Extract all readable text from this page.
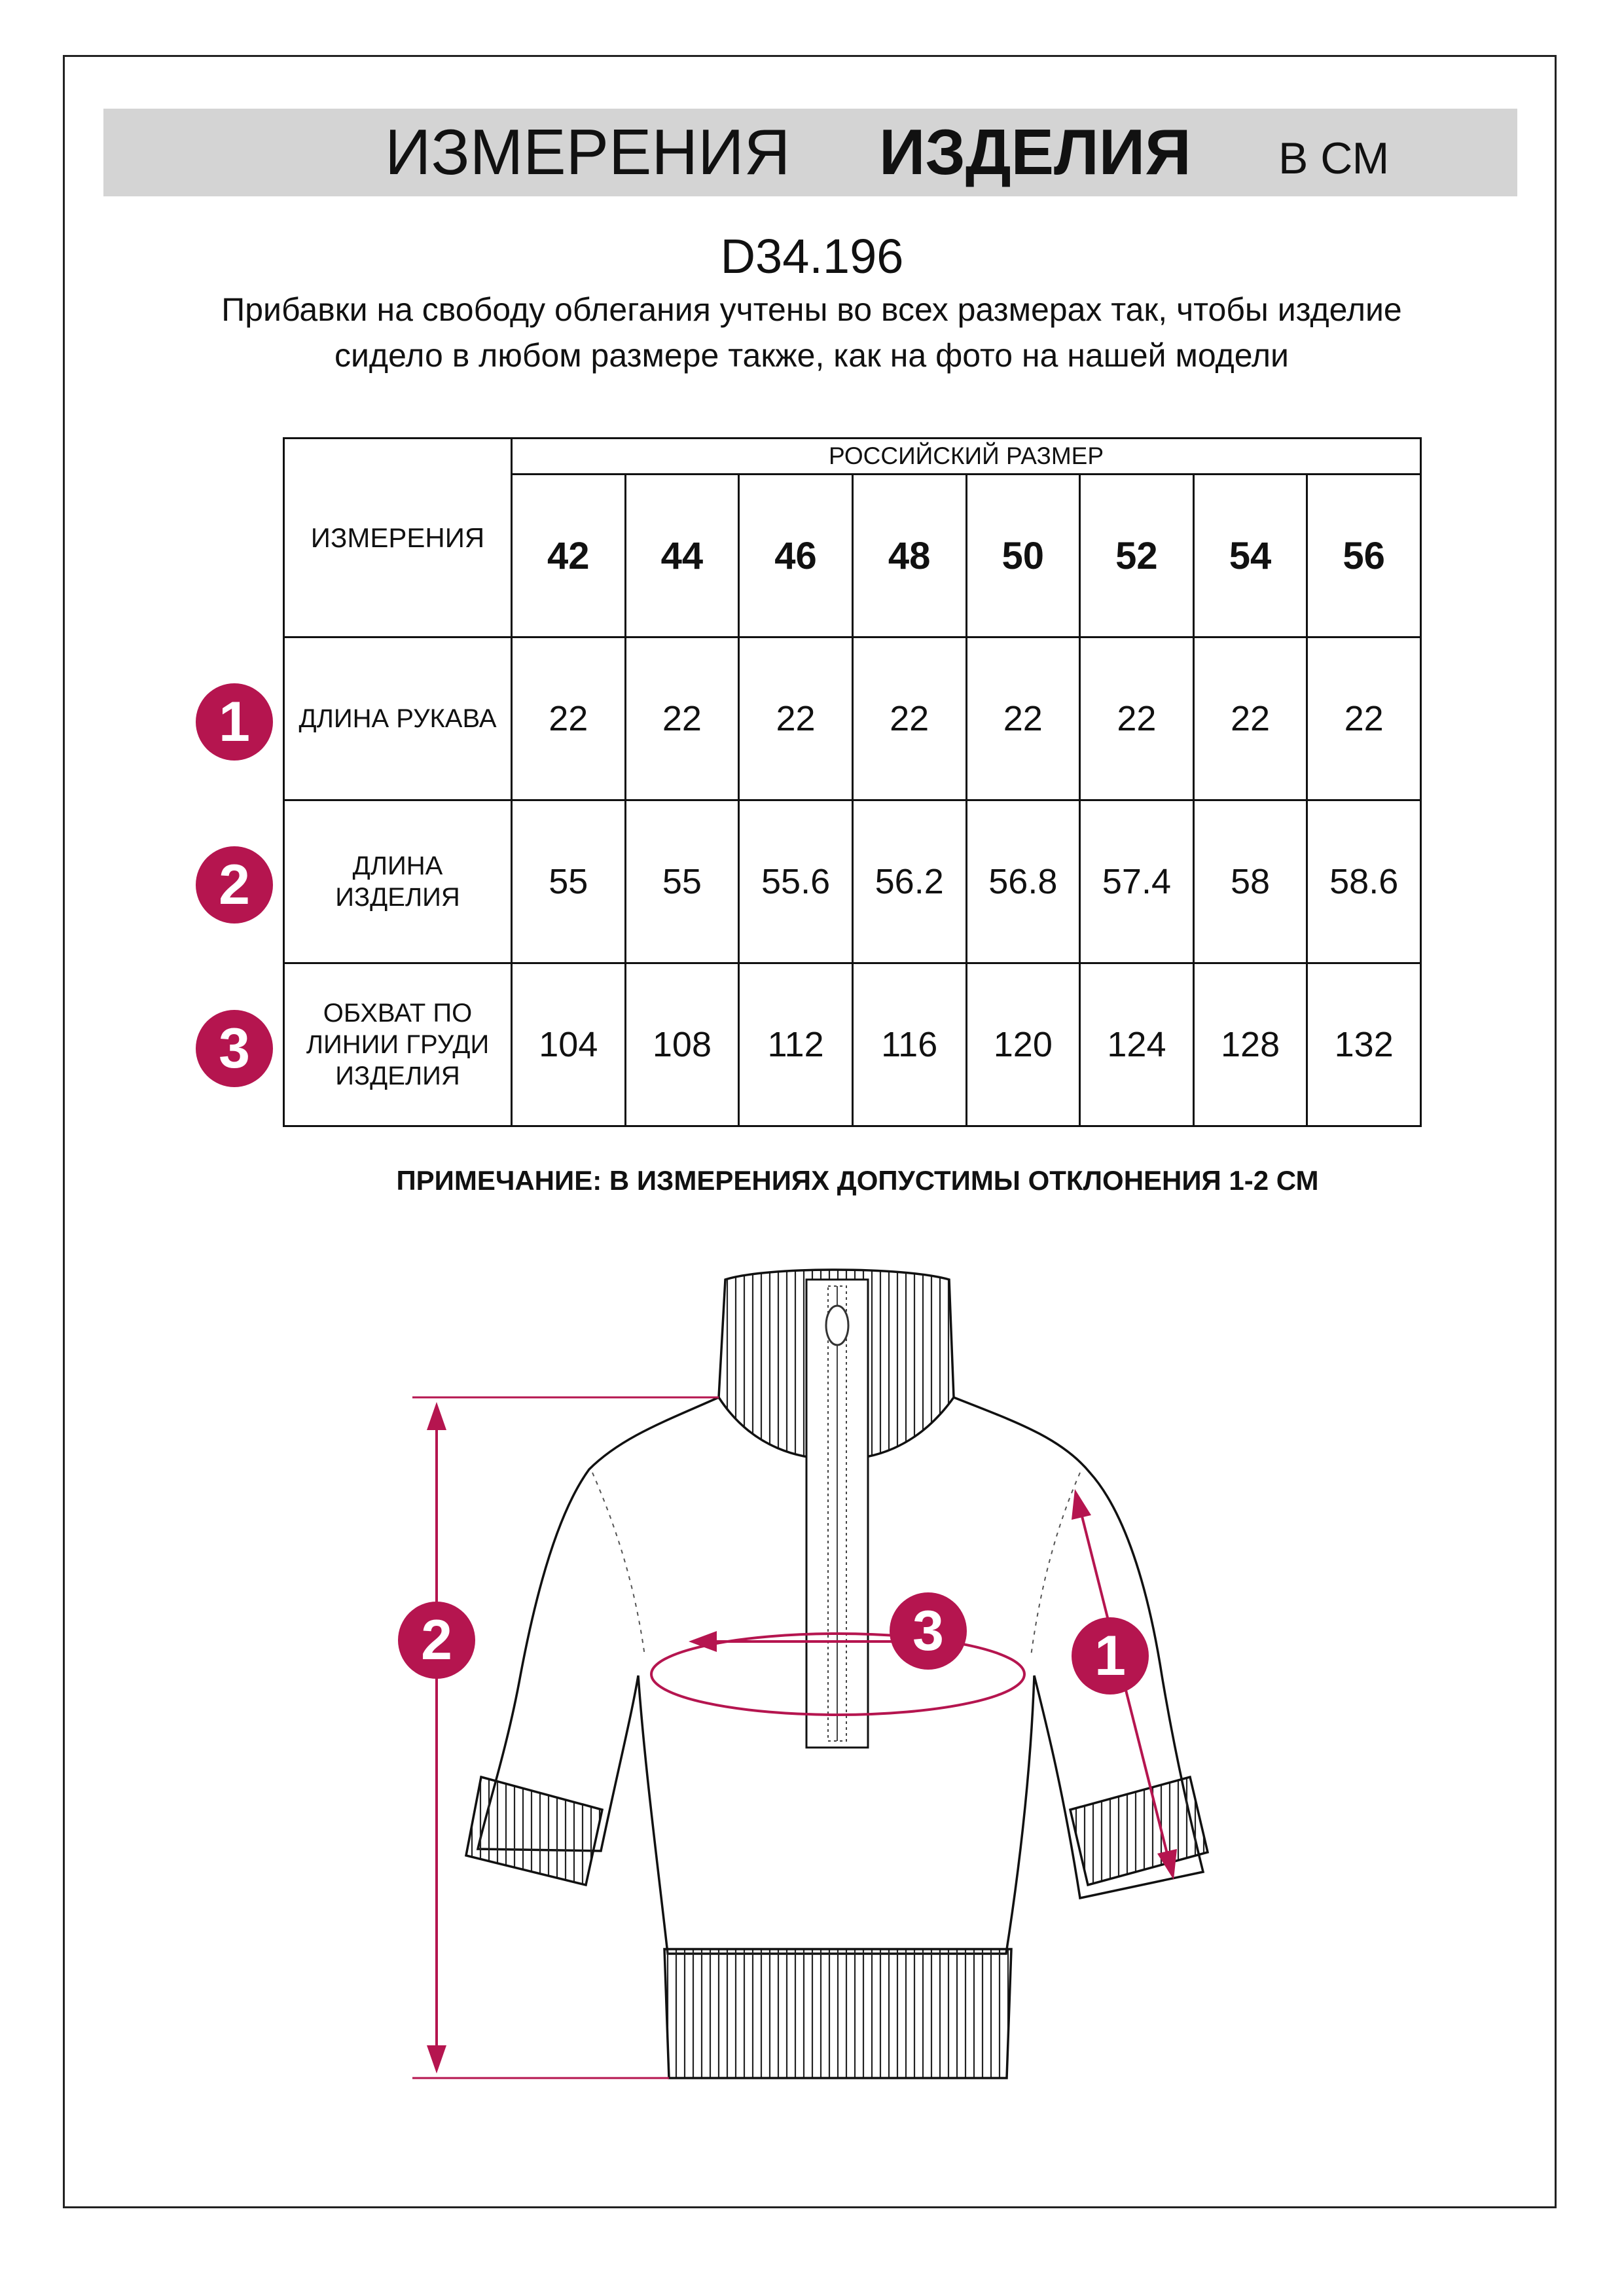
ИЗМЕРЕНИЯ ИЗДЕЛИЯ В СМ
D34.196
Прибавки на свободу облегания учтены во всех размерах так, чтобы изделие сидело в любом размере также, как на фото на нашей модели
ИЗМЕРЕНИЯ	РОССИЙСКИЙ РАЗМЕР							
	42	44	46	48	50	52	54	56
ДЛИНА РУКАВА	22	22	22	22	22	22	22	22
ДЛИНА ИЗДЕЛИЯ	55	55	55.6	56.2	56.8	57.4	58	58.6
ОБХВАТ ПО ЛИНИИ ГРУДИ ИЗДЕЛИЯ	104	108	112	116	120	124	128	132
1
2
3
ПРИМЕЧАНИЕ: В ИЗМЕРЕНИЯХ ДОПУСТИМЫ ОТКЛОНЕНИЯ 1-2 СМ
2	3	1
